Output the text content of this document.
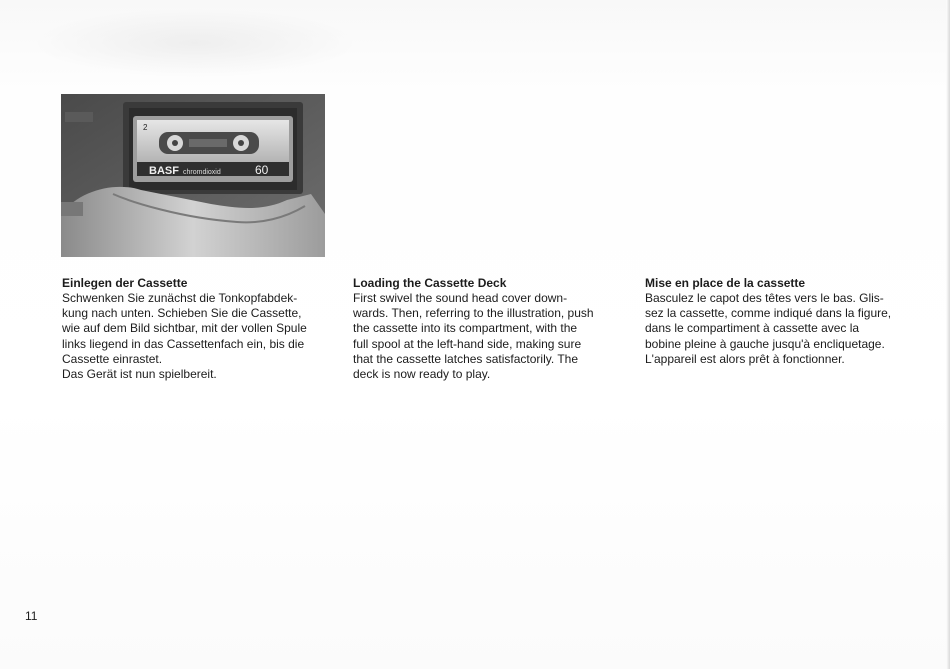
2
BASF chromdioxid	60

Einlegen der Cassette

Schwenken Sie zunächst die Tonkopfabdek-

kung nach unten. Schieben Sie die Cassette,

wie auf dem Bild sichtbar, mit der vollen Spule

links liegend in das Cassettenfach ein, bis die

Cassette einrastet.

Das Gerät ist nun spielbereit.

Loading the Cassette Deck

First swivel the sound head cover down-

wards. Then, referring to the illustration, push

the cassette into its compartment, with the

full spool at the left-hand side, making sure

that the cassette latches satisfactorily. The

deck is now ready to play.

Mise en place de la cassette

Basculez le capot des têtes vers le bas. Glis-

sez la cassette, comme indiqué dans la figure,

dans le compartiment à cassette avec la

bobine pleine à gauche jusqu'à encliquetage.

L'appareil est alors prêt à fonctionner.

11
